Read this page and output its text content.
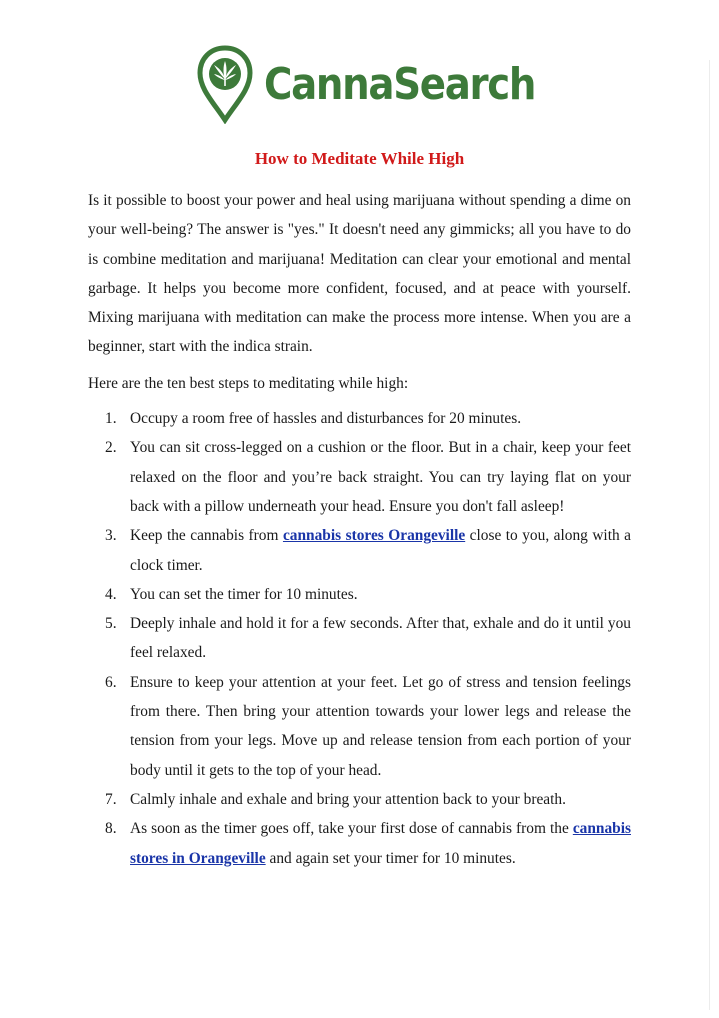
CannaSearch
How to Meditate While High

Is it possible to boost your power and heal using marijuana without spending a dime on your well-being? The answer is "yes." It doesn't need any gimmicks; all you have to do is combine meditation and marijuana! Meditation can clear your emotional and mental garbage. It helps you become more confident, focused, and at peace with yourself. Mixing marijuana with meditation can make the process more intense. When you are a beginner, start with the indica strain.

Here are the ten best steps to meditating while high:

1. Occupy a room free of hassles and disturbances for 20 minutes.
2. You can sit cross-legged on a cushion or the floor. But in a chair, keep your feet relaxed on the floor and you’re back straight. You can try laying flat on your back with a pillow underneath your head. Ensure you don't fall asleep!
3. Keep the cannabis from cannabis stores Orangeville close to you, along with a clock timer.
4. You can set the timer for 10 minutes.
5. Deeply inhale and hold it for a few seconds. After that, exhale and do it until you feel relaxed.
6. Ensure to keep your attention at your feet. Let go of stress and tension feelings from there. Then bring your attention towards your lower legs and release the tension from your legs. Move up and release tension from each portion of your body until it gets to the top of your head.
7. Calmly inhale and exhale and bring your attention back to your breath.
8. As soon as the timer goes off, take your first dose of cannabis from the cannabis stores in Orangeville and again set your timer for 10 minutes.
